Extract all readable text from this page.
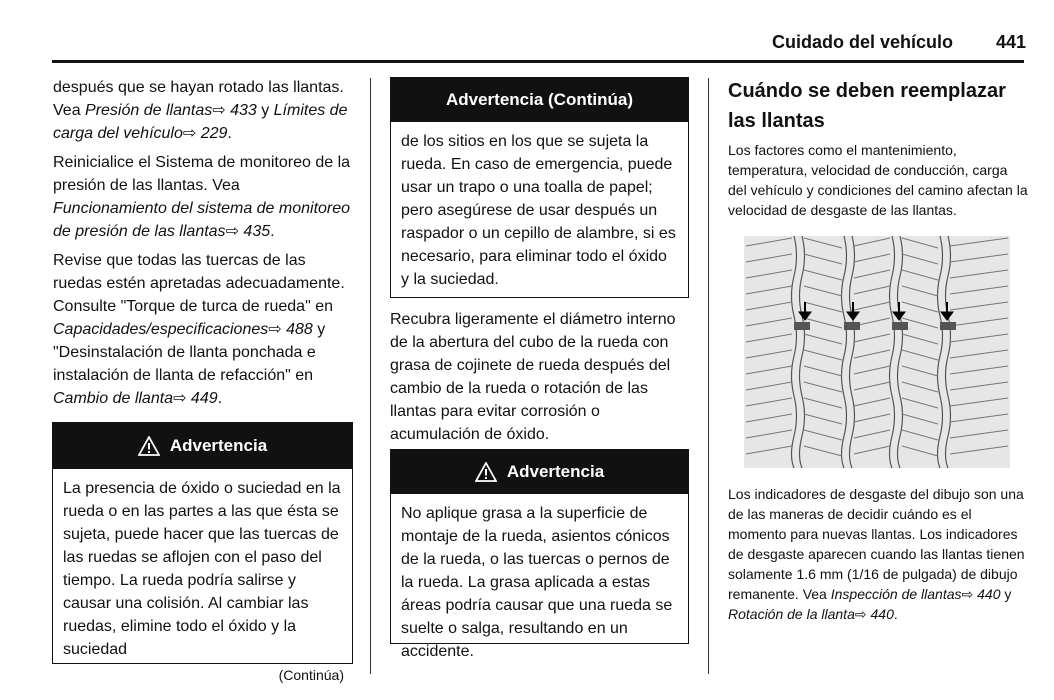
Cuidado del vehículo 441

después que se hayan rotado las llantas. Vea Presión de llantas⇨ 433 y Límites de carga del vehículo⇨ 229.

Reinicialice el Sistema de monitoreo de la presión de las llantas. Vea Funcionamiento del sistema de monitoreo de presión de las llantas⇨ 435.

Revise que todas las tuercas de las ruedas estén apretadas adecuadamente. Consulte "Torque de turca de rueda" en Capacidades/especificaciones⇨ 488 y "Desinstalación de llanta ponchada e instalación de llanta de refacción" en Cambio de llanta⇨ 449.

Advertencia
La presencia de óxido o suciedad en la rueda o en las partes a las que ésta se sujeta, puede hacer que las tuercas de las ruedas se aflojen con el paso del tiempo. La rueda podría salirse y causar una colisión. Al cambiar las ruedas, elimine todo el óxido y la suciedad
(Continúa)
Advertencia (Continúa)
de los sitios en los que se sujeta la rueda. En caso de emergencia, puede usar un trapo o una toalla de papel; pero asegúrese de usar después un raspador o un cepillo de alambre, si es necesario, para eliminar todo el óxido y la suciedad.

Recubra ligeramente el diámetro interno de la abertura del cubo de la rueda con grasa de cojinete de rueda después del cambio de la rueda o rotación de las llantas para evitar corrosión o acumulación de óxido.

Advertencia
No aplique grasa a la superficie de montaje de la rueda, asientos cónicos de la rueda, o las tuercas o pernos de la rueda. La grasa aplicada a estas áreas podría causar que una rueda se suelte o salga, resultando en un accidente.
Cuándo se deben reemplazar las llantas

Los factores como el mantenimiento, temperatura, velocidad de conducción, carga del vehículo y condiciones del camino afectan la velocidad de desgaste de las llantas.

Los indicadores de desgaste del dibujo son una de las maneras de decidir cuándo es el momento para nuevas llantas. Los indicadores de desgaste aparecen cuando las llantas tienen solamente 1.6 mm (1/16 de pulgada) de dibujo remanente. Vea Inspección de llantas⇨ 440 y Rotación de la llanta⇨ 440.
